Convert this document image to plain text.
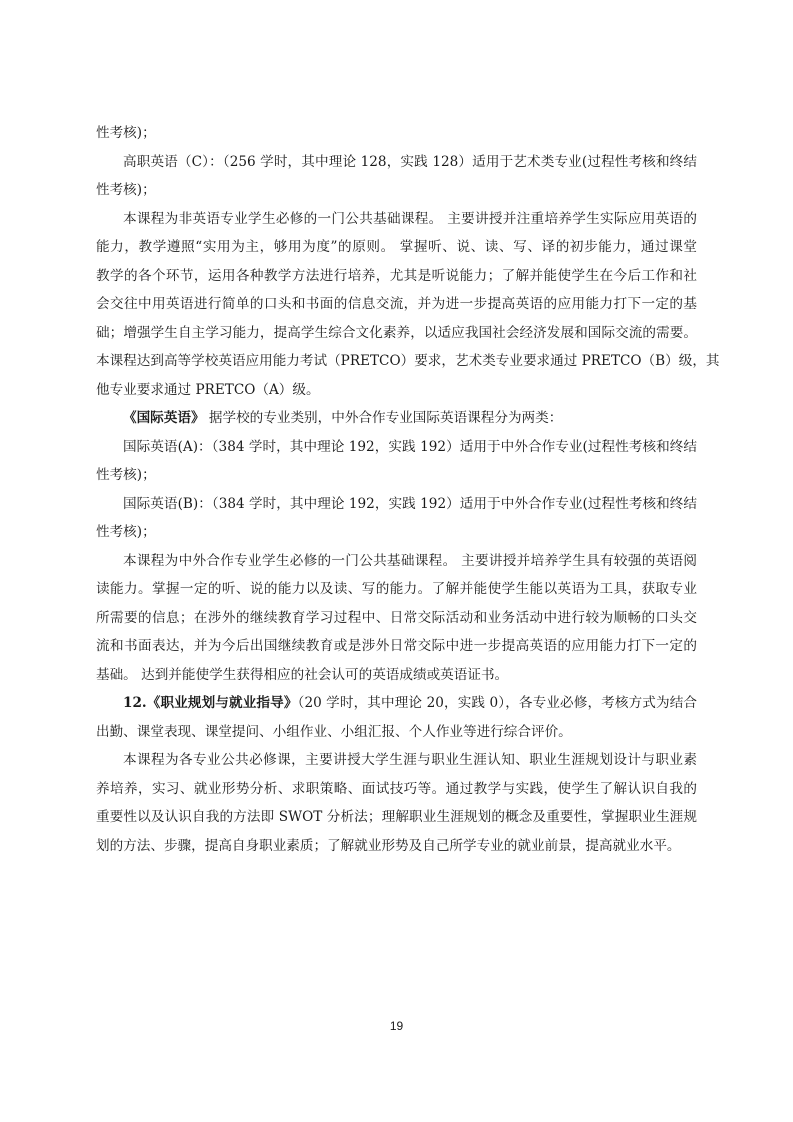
性考核)；
高职英语（C）：（256 学时，其中理论 128，实践 128）适用于艺术类专业(过程性考核和终结
性考核)；
本课程为非英语专业学生必修的一门公共基础课程。 主要讲授并注重培养学生实际应用英语的
能力，教学遵照“实用为主，够用为度”的原则。 掌握听、说、读、写、译的初步能力，通过课堂
教学的各个环节，运用各种教学方法进行培养，尤其是听说能力；了解并能使学生在今后工作和社
会交往中用英语进行简单的口头和书面的信息交流，并为进一步提高英语的应用能力打下一定的基
础；增强学生自主学习能力，提高学生综合文化素养，以适应我国社会经济发展和国际交流的需要。
本课程达到高等学校英语应用能力考试（PRETCO）要求，艺术类专业要求通过 PRETCO（B）级，其
他专业要求通过 PRETCO（A）级。
《国际英语》 据学校的专业类别，中外合作专业国际英语课程分为两类：
国际英语(A)：（384 学时，其中理论 192，实践 192）适用于中外合作专业(过程性考核和终结
性考核)；
国际英语(B)：（384 学时，其中理论 192，实践 192）适用于中外合作专业(过程性考核和终结
性考核)；
本课程为中外合作专业学生必修的一门公共基础课程。 主要讲授并培养学生具有较强的英语阅
读能力。掌握一定的听、说的能力以及读、写的能力。了解并能使学生能以英语为工具，获取专业
所需要的信息；在涉外的继续教育学习过程中、日常交际活动和业务活动中进行较为顺畅的口头交
流和书面表达，并为今后出国继续教育或是涉外日常交际中进一步提高英语的应用能力打下一定的
基础。 达到并能使学生获得相应的社会认可的英语成绩或英语证书。
12.《职业规划与就业指导》（20 学时，其中理论 20，实践 0），各专业必修，考核方式为结合
出勤、课堂表现、课堂提问、小组作业、小组汇报、个人作业等进行综合评价。
本课程为各专业公共必修课，主要讲授大学生涯与职业生涯认知、职业生涯规划设计与职业素
养培养，实习、就业形势分析、求职策略、面试技巧等。通过教学与实践，使学生了解认识自我的
重要性以及认识自我的方法即 SWOT 分析法；理解职业生涯规划的概念及重要性，掌握职业生涯规
划的方法、步骤，提高自身职业素质；了解就业形势及自己所学专业的就业前景，提高就业水平。
19
